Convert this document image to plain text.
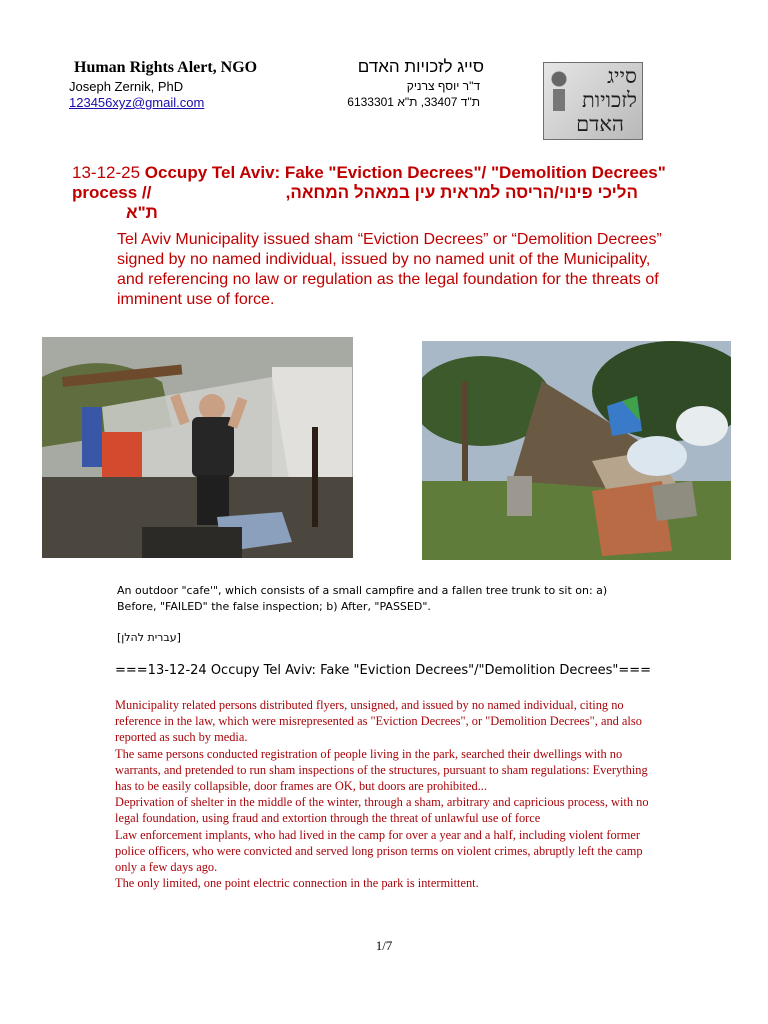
Human Rights Alert, NGO
Joseph Zernik, PhD
123456xyz@gmail.com
סייג לזכויות האדם
ד"ר יוסף צרניק
ת"ד 33407, ת"א 6133301
סייג
לזכויות
האדם
13-12-25 Occupy Tel Aviv: Fake "Eviction Decrees"/ "Demolition Decrees" process //	הליכי פינוי/הריסה למראית עין במאהל המחאה,
ת"א
Tel Aviv Municipality issued sham “Eviction Decrees” or “Demolition Decrees” signed by no named individual, issued by no named unit of the Municipality, and referencing no law or regulation as the legal foundation for the threats of imminent use of force.
An outdoor "cafe'", which consists of a small campfire and a fallen tree trunk to sit on: a) Before, "FAILED" the false inspection; b) After, "PASSED".
[עברית להלן]
===13-12-24 Occupy Tel Aviv: Fake "Eviction Decrees"/"Demolition Decrees"===

Municipality related persons distributed flyers, unsigned, and issued by no named individual, citing no reference in the law, which were misrepresented as "Eviction Decrees", or "Demolition Decrees", and also reported as such by media.

The same persons conducted registration of people living in the park, searched their dwellings with no warrants, and pretended to run sham inspections of the structures, pursuant to sham regulations: Everything has to be easily collapsible, door frames are OK, but doors are prohibited...

Deprivation of shelter in the middle of the winter, through a sham, arbitrary and capricious process, with no legal foundation, using fraud and extortion through the threat of unlawful use of force

Law enforcement implants, who had lived in the camp for over a year and a half, including violent former police officers, who were convicted and served long prison terms on violent crimes, abruptly left the camp only a few days ago.

The only limited, one point electric connection in the park is intermittent.

1/7
